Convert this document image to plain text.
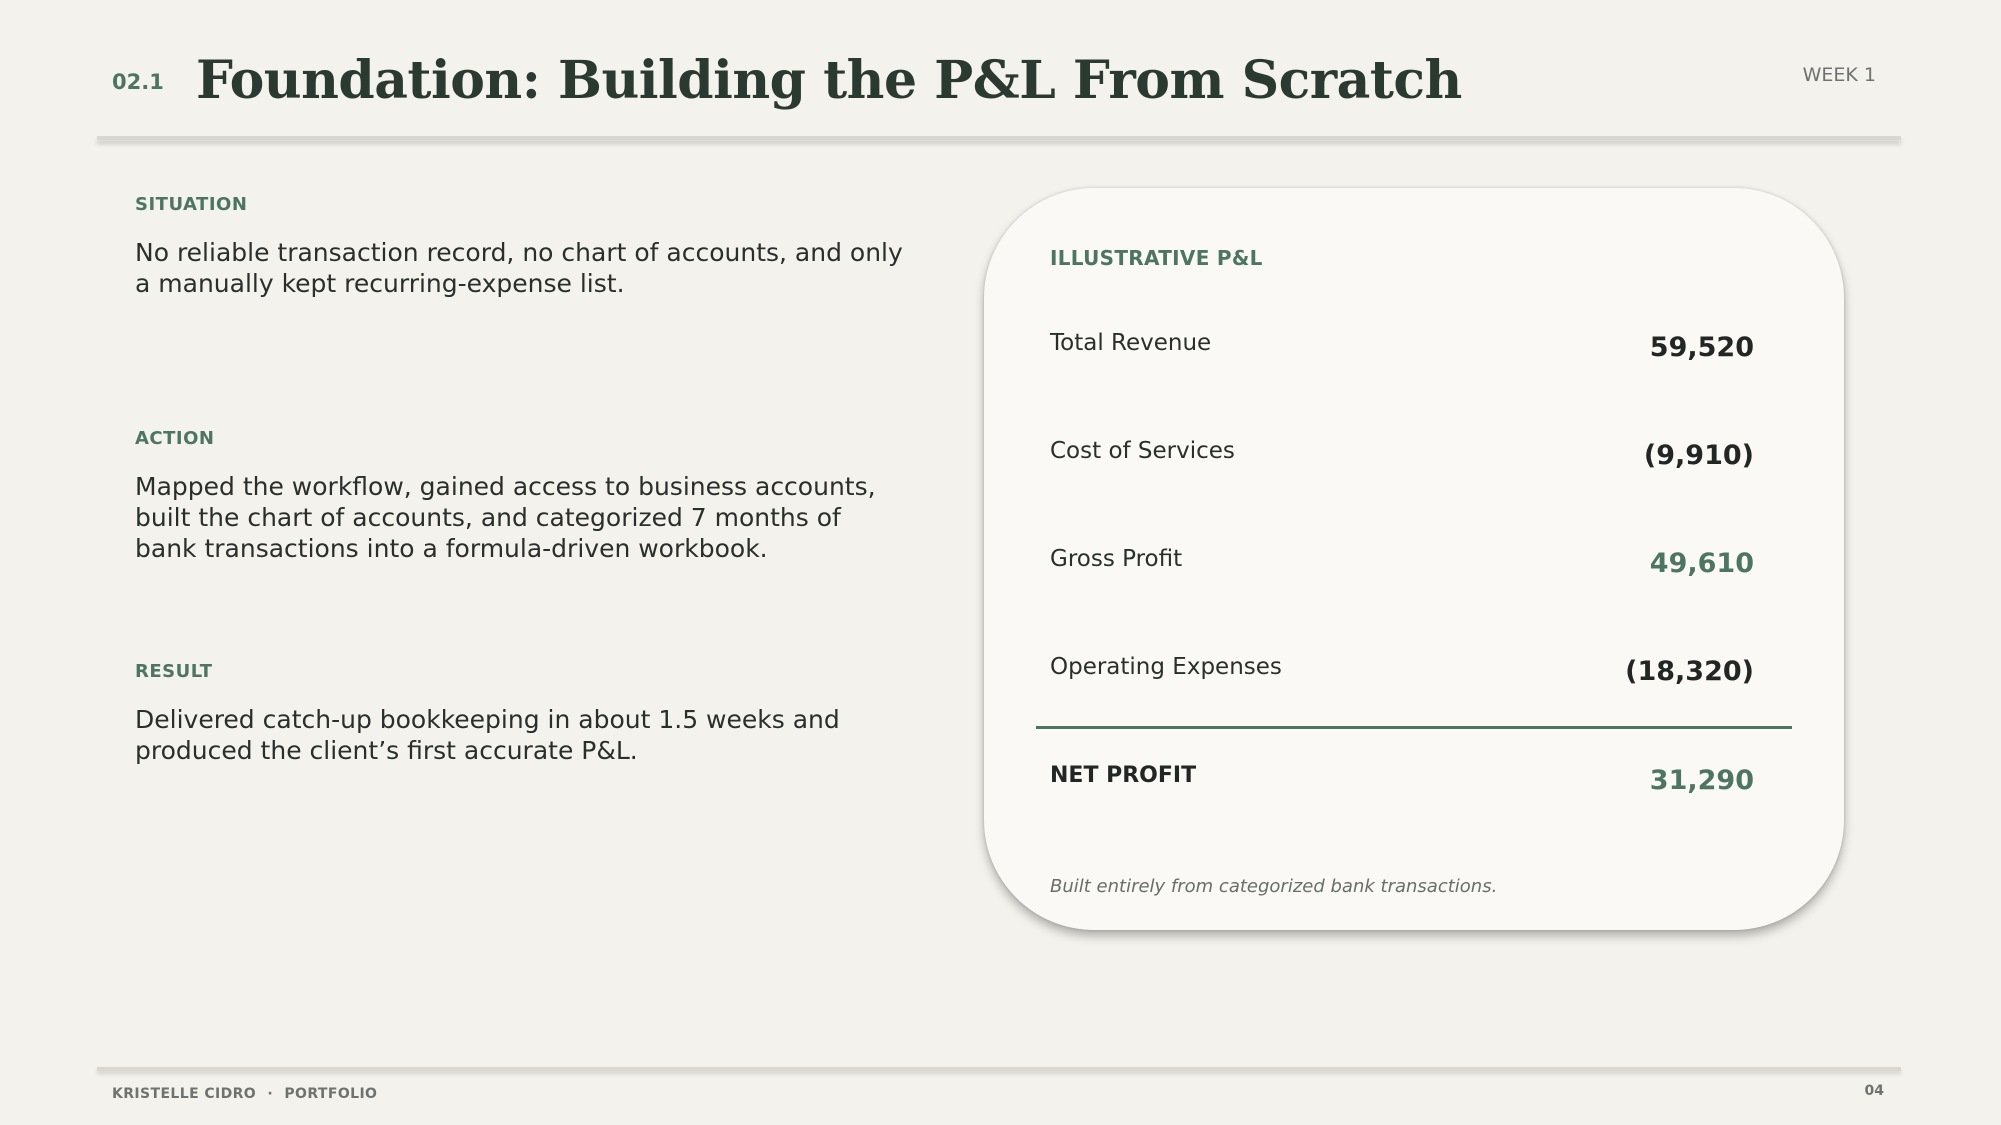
02.1 Foundation: Building the P&L From Scratch	WEEK 1

SITUATION

No reliable transaction record, no chart of accounts, and only a manually kept recurring-expense list.

ACTION

Mapped the workflow, gained access to business accounts, built the chart of accounts, and categorized 7 months of bank transactions into a formula-driven workbook.

RESULT

Delivered catch-up bookkeeping in about 1.5 weeks and produced the client’s first accurate P&L.

ILLUSTRATIVE P&L
Total Revenue	59,520
Cost of Services	(9,910)
Gross Profit	49,610
Operating Expenses	(18,320)
NET PROFIT	31,290
Built entirely from categorized bank transactions.
KRISTELLE CIDRO · PORTFOLIO	04
